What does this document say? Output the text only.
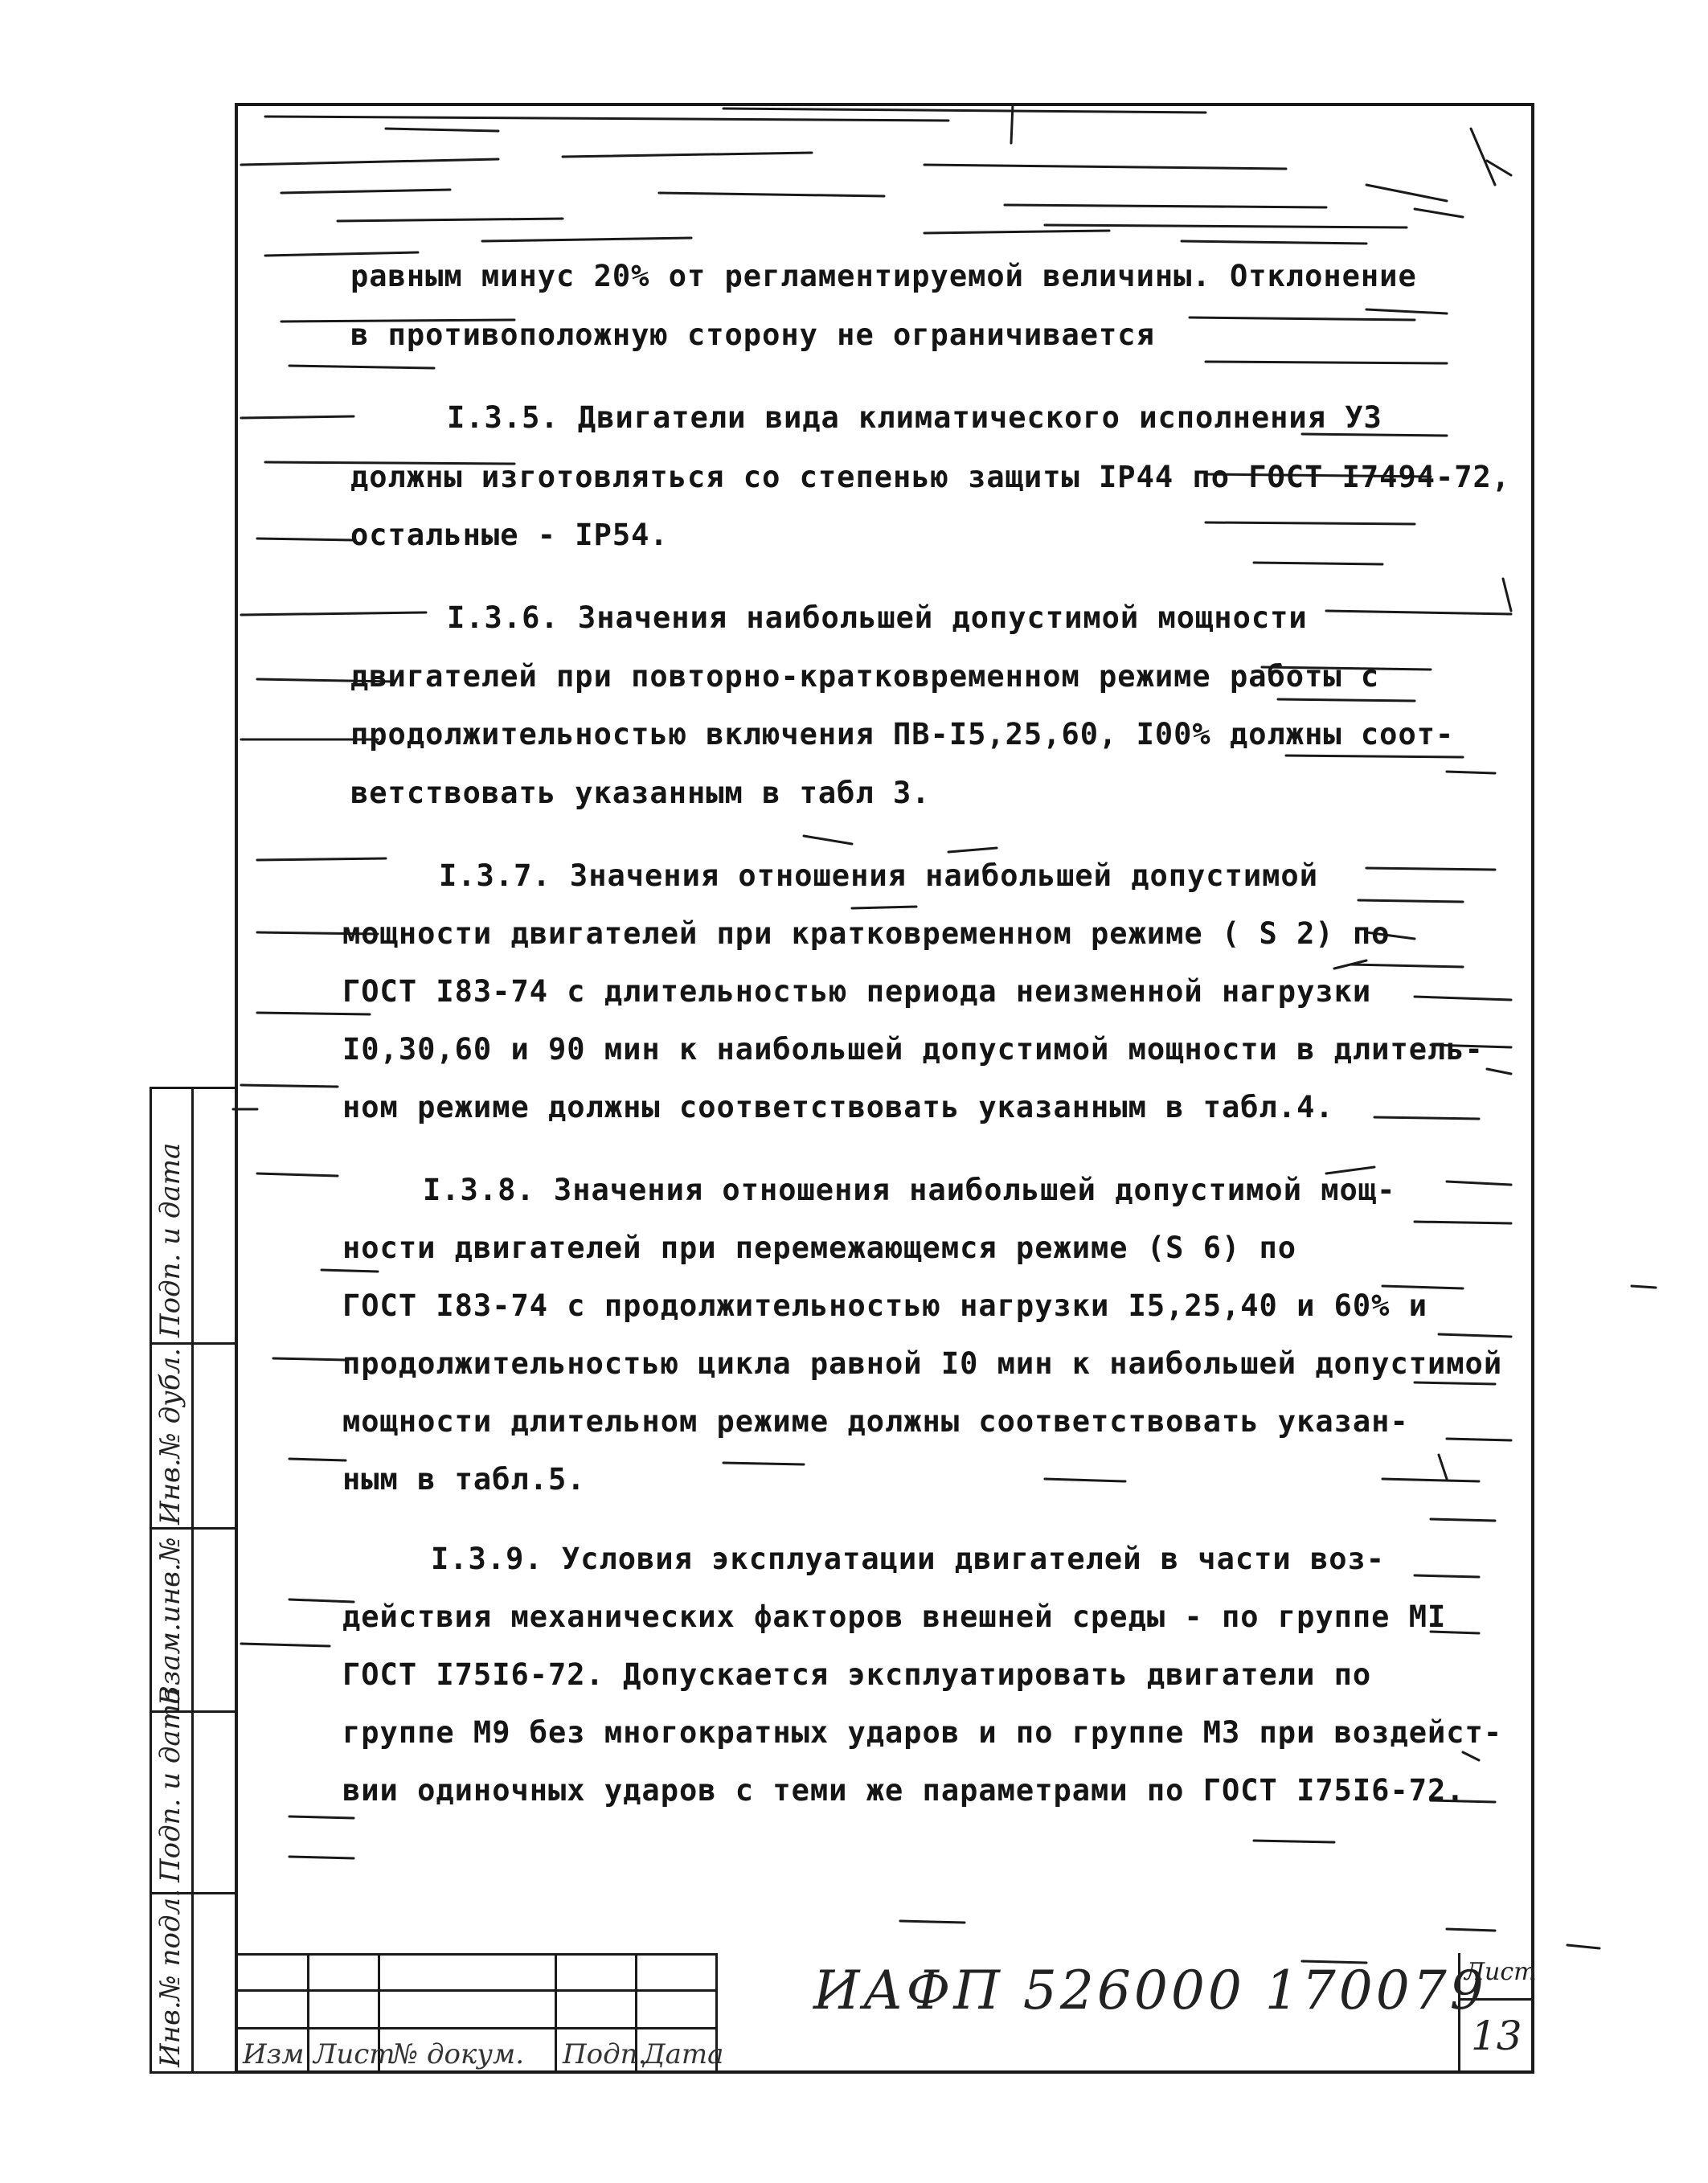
равным минус 20% от регламентируемой величины. Отклонение
в противоположную сторону не ограничивается
I.3.5. Двигатели вида климатического исполнения УЗ
должны изготовляться со степенью защиты IP44 по ГОСТ I7494-72,
остальные - IP54.
I.3.6. Значения наибольшей допустимой мощности
двигателей при повторно-кратковременном режиме работы с
продолжительностью включения ПВ-I5,25,60, I00% должны соот-
ветствовать указанным в табл 3.
I.3.7. Значения отношения наибольшей допустимой
мощности двигателей при кратковременном режиме ( S 2) по
ГОСТ I83-74 с длительностью периода неизменной нагрузки
I0,30,60 и 90 мин к наибольшей допустимой мощности в длитель-
ном режиме должны соответствовать указанным в табл.4.
I.3.8. Значения отношения наибольшей допустимой мощ-
ности двигателей при перемежающемся режиме (S 6) по
ГОСТ I83-74 с продолжительностью нагрузки I5,25,40 и 60% и
продолжительностью цикла равной I0 мин к наибольшей допустимой
мощности длительном режиме должны соответствовать указан-
ным в табл.5.
I.3.9. Условия эксплуатации двигателей в части воз-
действия механических факторов внешней среды - по группе МI
ГОСТ I75I6-72. Допускается эксплуатировать двигатели по
группе М9 без многократных ударов и по группе М3 при воздейст-
вии одиночных ударов с теми же параметрами по ГОСТ I75I6-72.
Инв.№ подл.
Подп. и дата
Взам.инв.№
Инв.№ дубл.
Подп. и дата
Изм Лист
№ докум. Подп.
Дата
ИАФП 526000 170079
Лист
13
